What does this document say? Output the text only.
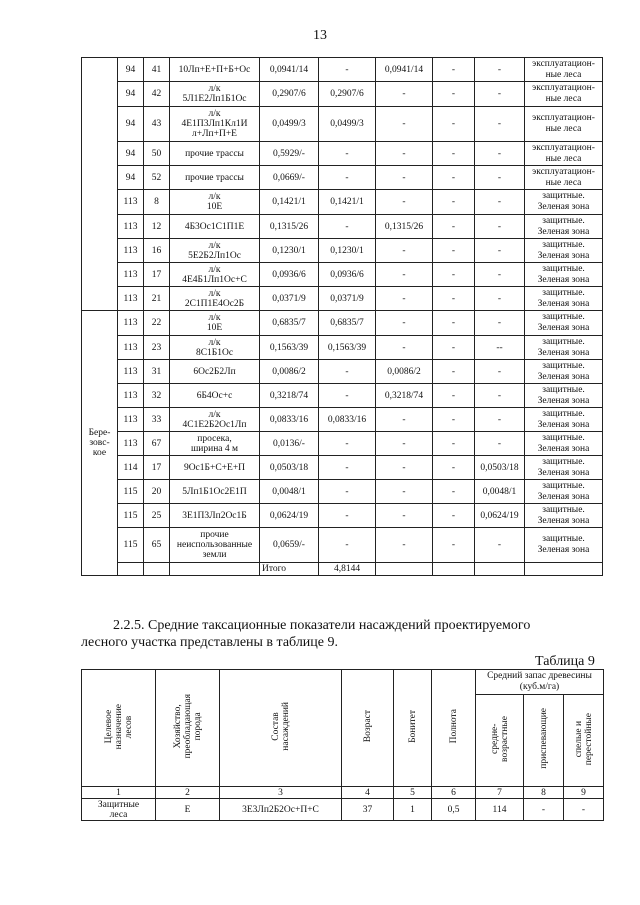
13
	94	41	10Лп+Е+П+Б+Ос	0,0941/14	-	0,0941/14	-	-	эксплуатацион-
ные леса	
	94	42	л/к
5Л1Е2Лп1Б1Ос	0,2907/6	0,2907/6	-	-	-	эксплуатацион-
ные леса	
	94	43	л/к
4Е1П3Лп1Кл1И
л+Лп+П+Е	0,0499/3	0,0499/3	-	-	-	эксплуатацион-
ные леса	
	94	50	прочие трассы	0,5929/-	-	-	-	-	эксплуатацион-
ные леса	
	94	52	прочие трассы	0,0669/-	-	-	-	-	эксплуатацион-
ные леса	
	113	8	л/к
10Е	0,1421/1	0,1421/1	-	-	-	защитные.
Зеленая зона	
	113	12	4Б3Ос1С1П1Е	0,1315/26	-	0,1315/26	-	-	защитные.
Зеленая зона	
	113	16	л/к
5Е2Б2Лп1Ос	0,1230/1	0,1230/1	-	-	-	защитные.
Зеленая зона	
	113	17	л/к
4Е4Б1Лп1Ос+С	0,0936/6	0,0936/6	-	-	-	защитные.
Зеленая зона	
	113	21	л/к
2С1П1Е4Ос2Б	0,0371/9	0,0371/9	-	-	-	защитные.
Зеленая зона	
Бере-
зовс-
кое	113	22	л/к
10Е	0,6835/7	0,6835/7	-	-	-	защитные.
Зеленая зона	
	113	23	л/к
8С1Б1Ос	0,1563/39	0,1563/39	-	-	--	защитные.
Зеленая зона	
	113	31	6Ос2Б2Лп	0,0086/2	-	0,0086/2	-	-	защитные.
Зеленая зона	
	113	32	6Б4Ос+с	0,3218/74	-	0,3218/74	-	-	защитные.
Зеленая зона	
	113	33	л/к
4С1Е2Б2Ос1Лп	0,0833/16	0,0833/16	-	-	-	защитные.
Зеленая зона	
	113	67	просека,
ширина 4 м	0,0136/-	-	-	-	-	защитные.
Зеленая зона	
	114	17	9Ос1Б+С+Е+П	0,0503/18	-	-	-	0,0503/18	защитные.
Зеленая зона	
	115	20	5Лп1Б1Ос2Е1П	0,0048/1	-	-	-	0,0048/1	защитные.
Зеленая зона	
	115	25	3Е1П3Лп2Ос1Б	0,0624/19	-	-	-	0,0624/19	защитные.
Зеленая зона	
	115	65	прочие
неиспользованные
земли	0,0659/-	-	-	-	-	защитные.
Зеленая зона	
				Итого	4,8144					
2.2.5. Средние таксационные показатели насаждений проектируемого
лесного участка представлены в таблице 9.
Таблица 9
Целевое
назначение
лесов	Хозяйство,
преобладающая
порода	Состав
насаждений	Возраст	Бонитет	Полнота	Средний запас древесины
(куб.м/га)		
						средне-
возрастные	приспевающие	спелые и
перестойные
1	2	3	4	5	6	7	8	9
Защитные
леса	Е	3Е3Лп2Б2Ос+П+С	37	1	0,5	114	-	-
